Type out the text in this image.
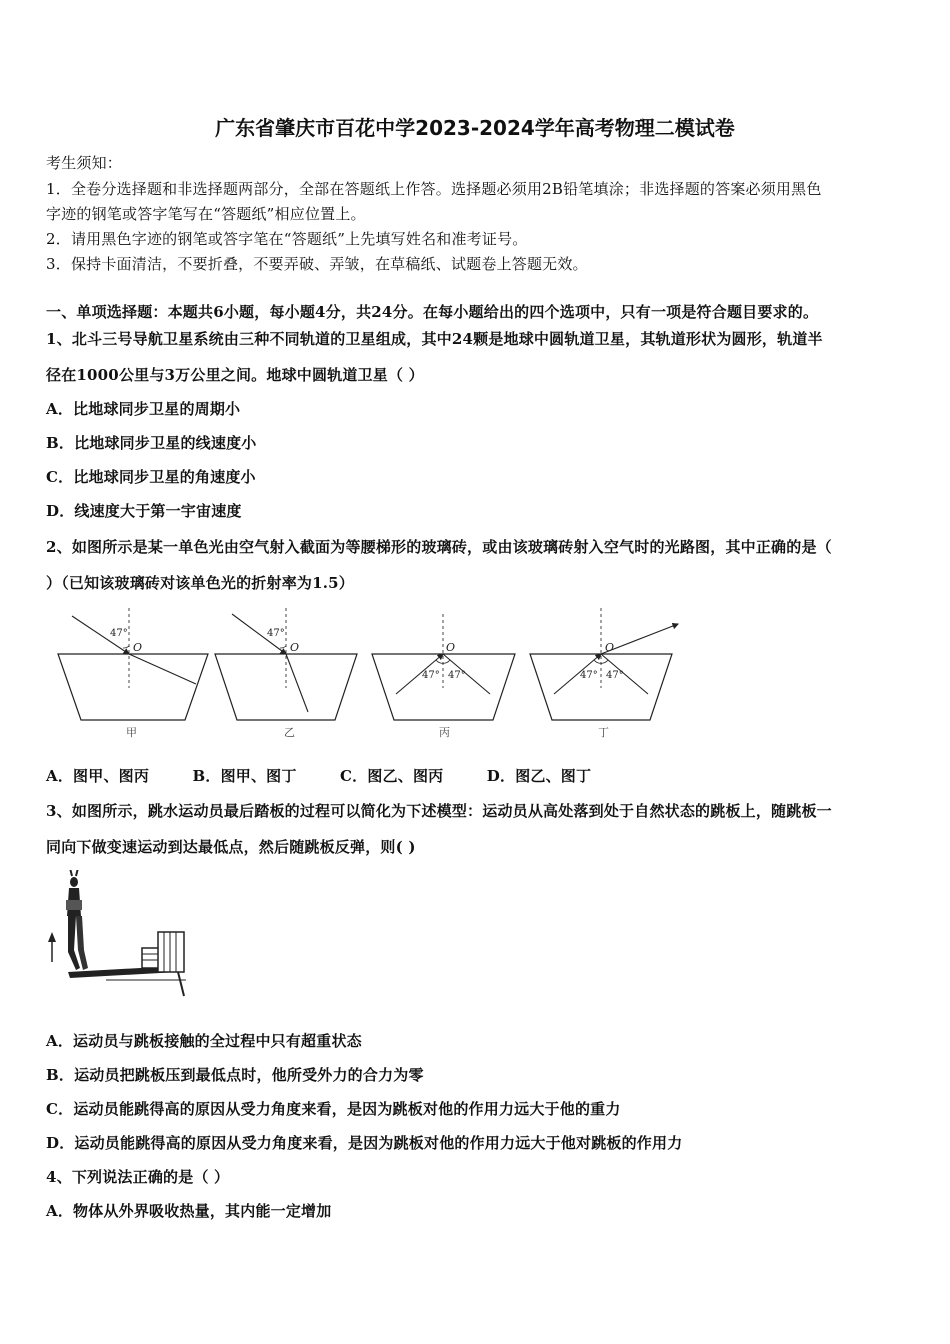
广东省肇庆市百花中学2023-2024学年高考物理二模试卷
考生须知：
1．全卷分选择题和非选择题两部分，全部在答题纸上作答。选择题必须用2B铅笔填涂；非选择题的答案必须用黑色
字迹的钢笔或答字笔写在“答题纸”相应位置上。
2．请用黑色字迹的钢笔或答字笔在“答题纸”上先填写姓名和准考证号。
3．保持卡面清洁，不要折叠，不要弄破、弄皱，在草稿纸、试题卷上答题无效。
一、单项选择题：本题共6小题，每小题4分，共24分。在每小题给出的四个选项中，只有一项是符合题目要求的。
1、北斗三号导航卫星系统由三种不同轨道的卫星组成，其中24颗是地球中圆轨道卫星，其轨道形状为圆形，轨道半
径在1000公里与3万公里之间。地球中圆轨道卫星（ ）
A．比地球同步卫星的周期小
B．比地球同步卫星的线速度小
C．比地球同步卫星的角速度小
D．线速度大于第一宇宙速度
2、如图所示是某一单色光由空气射入截面为等腰梯形的玻璃砖，或由该玻璃砖射入空气时的光路图，其中正确的是（
）（已知该玻璃砖对该单色光的折射率为1.5）
47°
O
甲
47°
O
乙
O
47° 47°
丙
O
47° 47°
丁
A．图甲、图丙	B．图甲、图丁	C．图乙、图丙	D．图乙、图丁
3、如图所示，跳水运动员最后踏板的过程可以简化为下述模型：运动员从高处落到处于自然状态的跳板上，随跳板一
同向下做变速运动到达最低点，然后随跳板反弹，则( )
A．运动员与跳板接触的全过程中只有超重状态
B．运动员把跳板压到最低点时，他所受外力的合力为零
C．运动员能跳得高的原因从受力角度来看，是因为跳板对他的作用力远大于他的重力
D．运动员能跳得高的原因从受力角度来看，是因为跳板对他的作用力远大于他对跳板的作用力
4、下列说法正确的是（ ）
A．物体从外界吸收热量，其内能一定增加
